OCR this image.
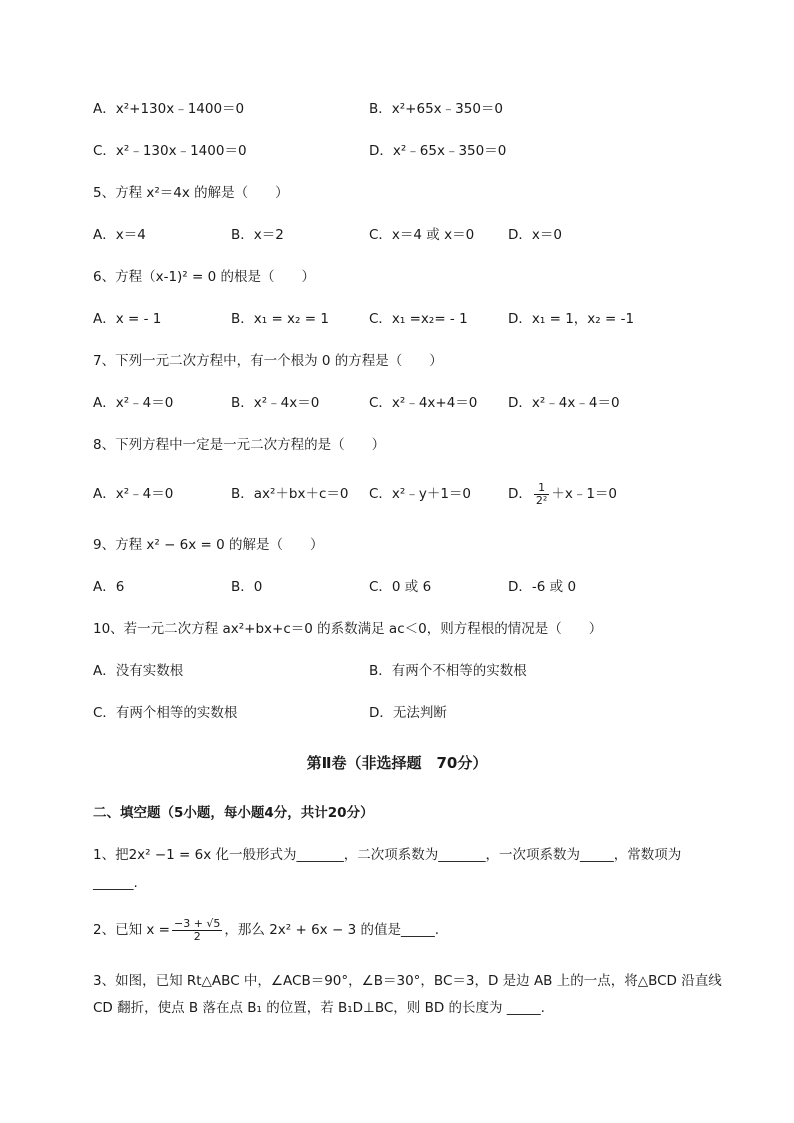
A．x²+130x﹣1400＝0	B．x²+65x﹣350＝0
C．x²﹣130x﹣1400＝0	D．x²﹣65x﹣350＝0
5、方程 x²＝4x 的解是（　　）
A．x＝4	B．x＝2	C．x＝4 或 x＝0	D．x＝0
6、方程（x-1)² = 0 的根是（　　）
A．x = - 1	B．x₁ = x₂ = 1	C．x₁ =x₂= - 1	D．x₁ = 1，x₂ = -1
7、下列一元二次方程中，有一个根为 0 的方程是（　　）
A．x²﹣4＝0	B．x²﹣4x＝0	C．x²﹣4x+4＝0 D．x²﹣4x﹣4＝0
8、下列方程中一定是一元二次方程的是（　　）
A．x²﹣4＝0	B．ax²＋bx＋c＝0 C．x²﹣y＋1＝0	D． $\frac{1}{\text{2²}}$ ＋x﹣1＝0
9、方程 x² − 6x = 0 的解是（　　）
A．6	B．0	C．0 或 6	D．-6 或 0
10、若一元二次方程 ax²+bx+c＝0 的系数满足 ac＜0，则方程根的情况是（　　）
A．没有实数根	B．有两个不相等的实数根
C．有两个相等的实数根	D．无法判断
第Ⅱ卷（非选择题　70分）
二、填空题（5小题，每小题4分，共计20分）
1、把2x² −1 = 6x 化一般形式为_______，二次项系数为_______，一次项系数为_____，常数项为
______.
2、已知 $x = \frac{-3 + √5}{2}$ ，那么 2x² + 6x − 3 的值是_____.
3、如图，已知 Rt△ABC 中，∠ACB＝90°，∠B＝30°，BC＝3，D 是边 AB 上的一点，将△BCD 沿直线
CD 翻折，使点 B 落在点 B₁ 的位置，若 B₁D⊥BC，则 BD 的长度为 _____.
